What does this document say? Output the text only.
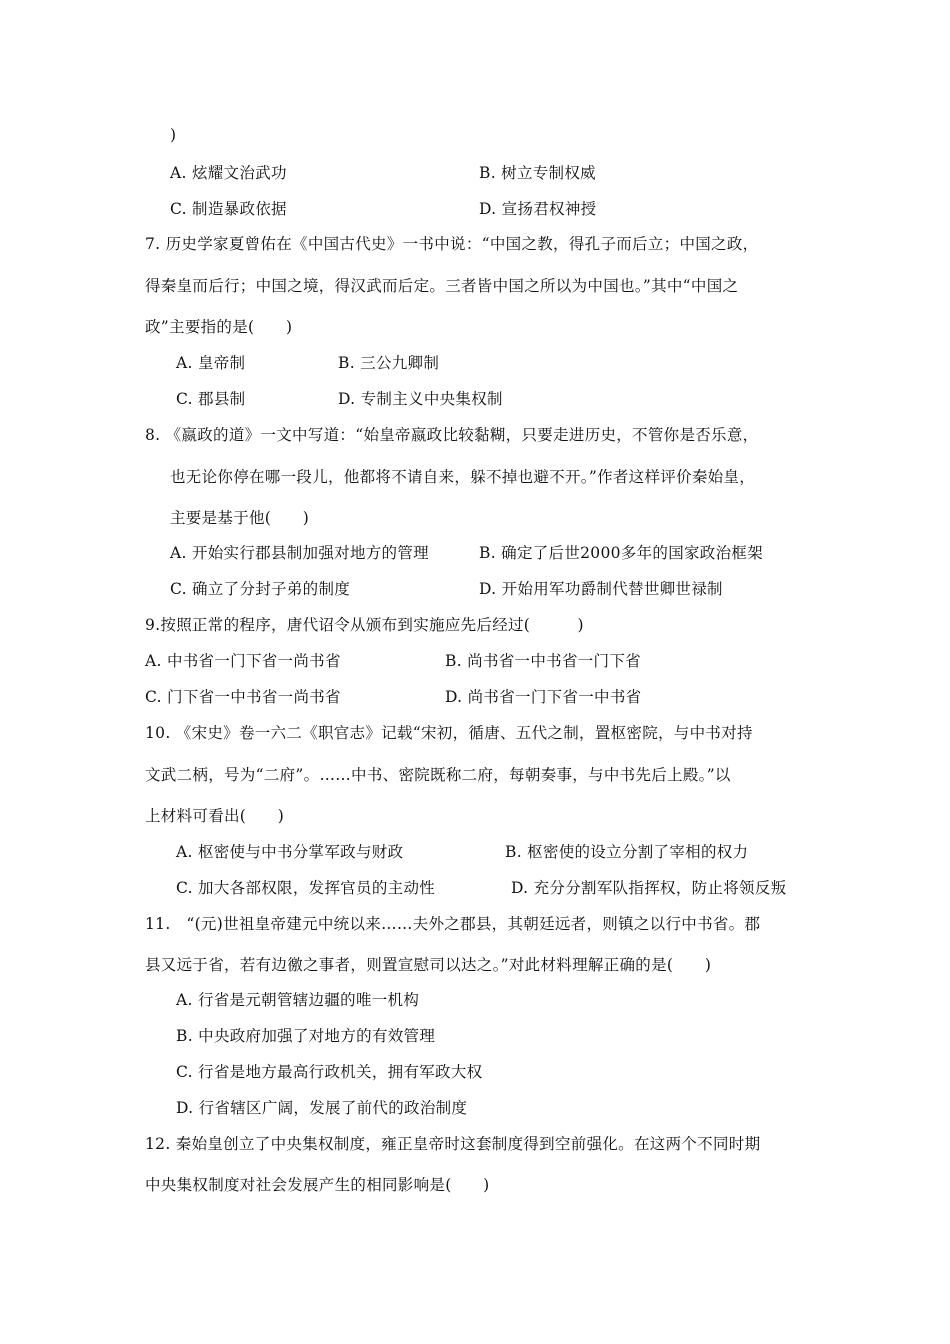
)
A. 炫耀文治武功	B. 树立专制权威
C. 制造暴政依据	D. 宣扬君权神授
7. 历史学家夏曾佑在《中国古代史》一书中说：“中国之教，得孔子而后立；中国之政，
得秦皇而后行；中国之境，得汉武而后定。三者皆中国之所以为中国也。”其中“中国之
政”主要指的是(　　)
A. 皇帝制	B. 三公九卿制
C. 郡县制	D. 专制主义中央集权制
8. 《嬴政的道》一文中写道：“始皇帝嬴政比较黏糊，只要走进历史，不管你是否乐意，
也无论你停在哪一段儿，他都将不请自来，躲不掉也避不开。”作者这样评价秦始皇，
主要是基于他(　　)
A. 开始实行郡县制加强对地方的管理	B. 确定了后世2000多年的国家政治框架
C. 确立了分封子弟的制度	D. 开始用军功爵制代替世卿世禄制
9.按照正常的程序，唐代诏令从颁布到实施应先后经过(　　　)
A. 中书省一门下省一尚书省	B. 尚书省一中书省一门下省
C. 门下省一中书省一尚书省	D. 尚书省一门下省一中书省
10. 《宋史》卷一六二《职官志》记载“宋初，循唐、五代之制，置枢密院，与中书对持
文武二柄，号为“二府”。……中书、密院既称二府，每朝奏事，与中书先后上殿。”以
上材料可看出(　　)
A. 枢密使与中书分掌军政与财政	B. 枢密使的设立分割了宰相的权力
C. 加大各部权限，发挥官员的主动性	D. 充分分割军队指挥权，防止将领反叛
11.　“(元)世祖皇帝建元中统以来……夫外之郡县，其朝廷远者，则镇之以行中书省。郡
县又远于省，若有边徼之事者，则置宣慰司以达之。”对此材料理解正确的是(　　)
A. 行省是元朝管辖边疆的唯一机构
B. 中央政府加强了对地方的有效管理
C. 行省是地方最高行政机关，拥有军政大权
D. 行省辖区广阔，发展了前代的政治制度
12. 秦始皇创立了中央集权制度，雍正皇帝时这套制度得到空前强化。在这两个不同时期
中央集权制度对社会发展产生的相同影响是(　　)
